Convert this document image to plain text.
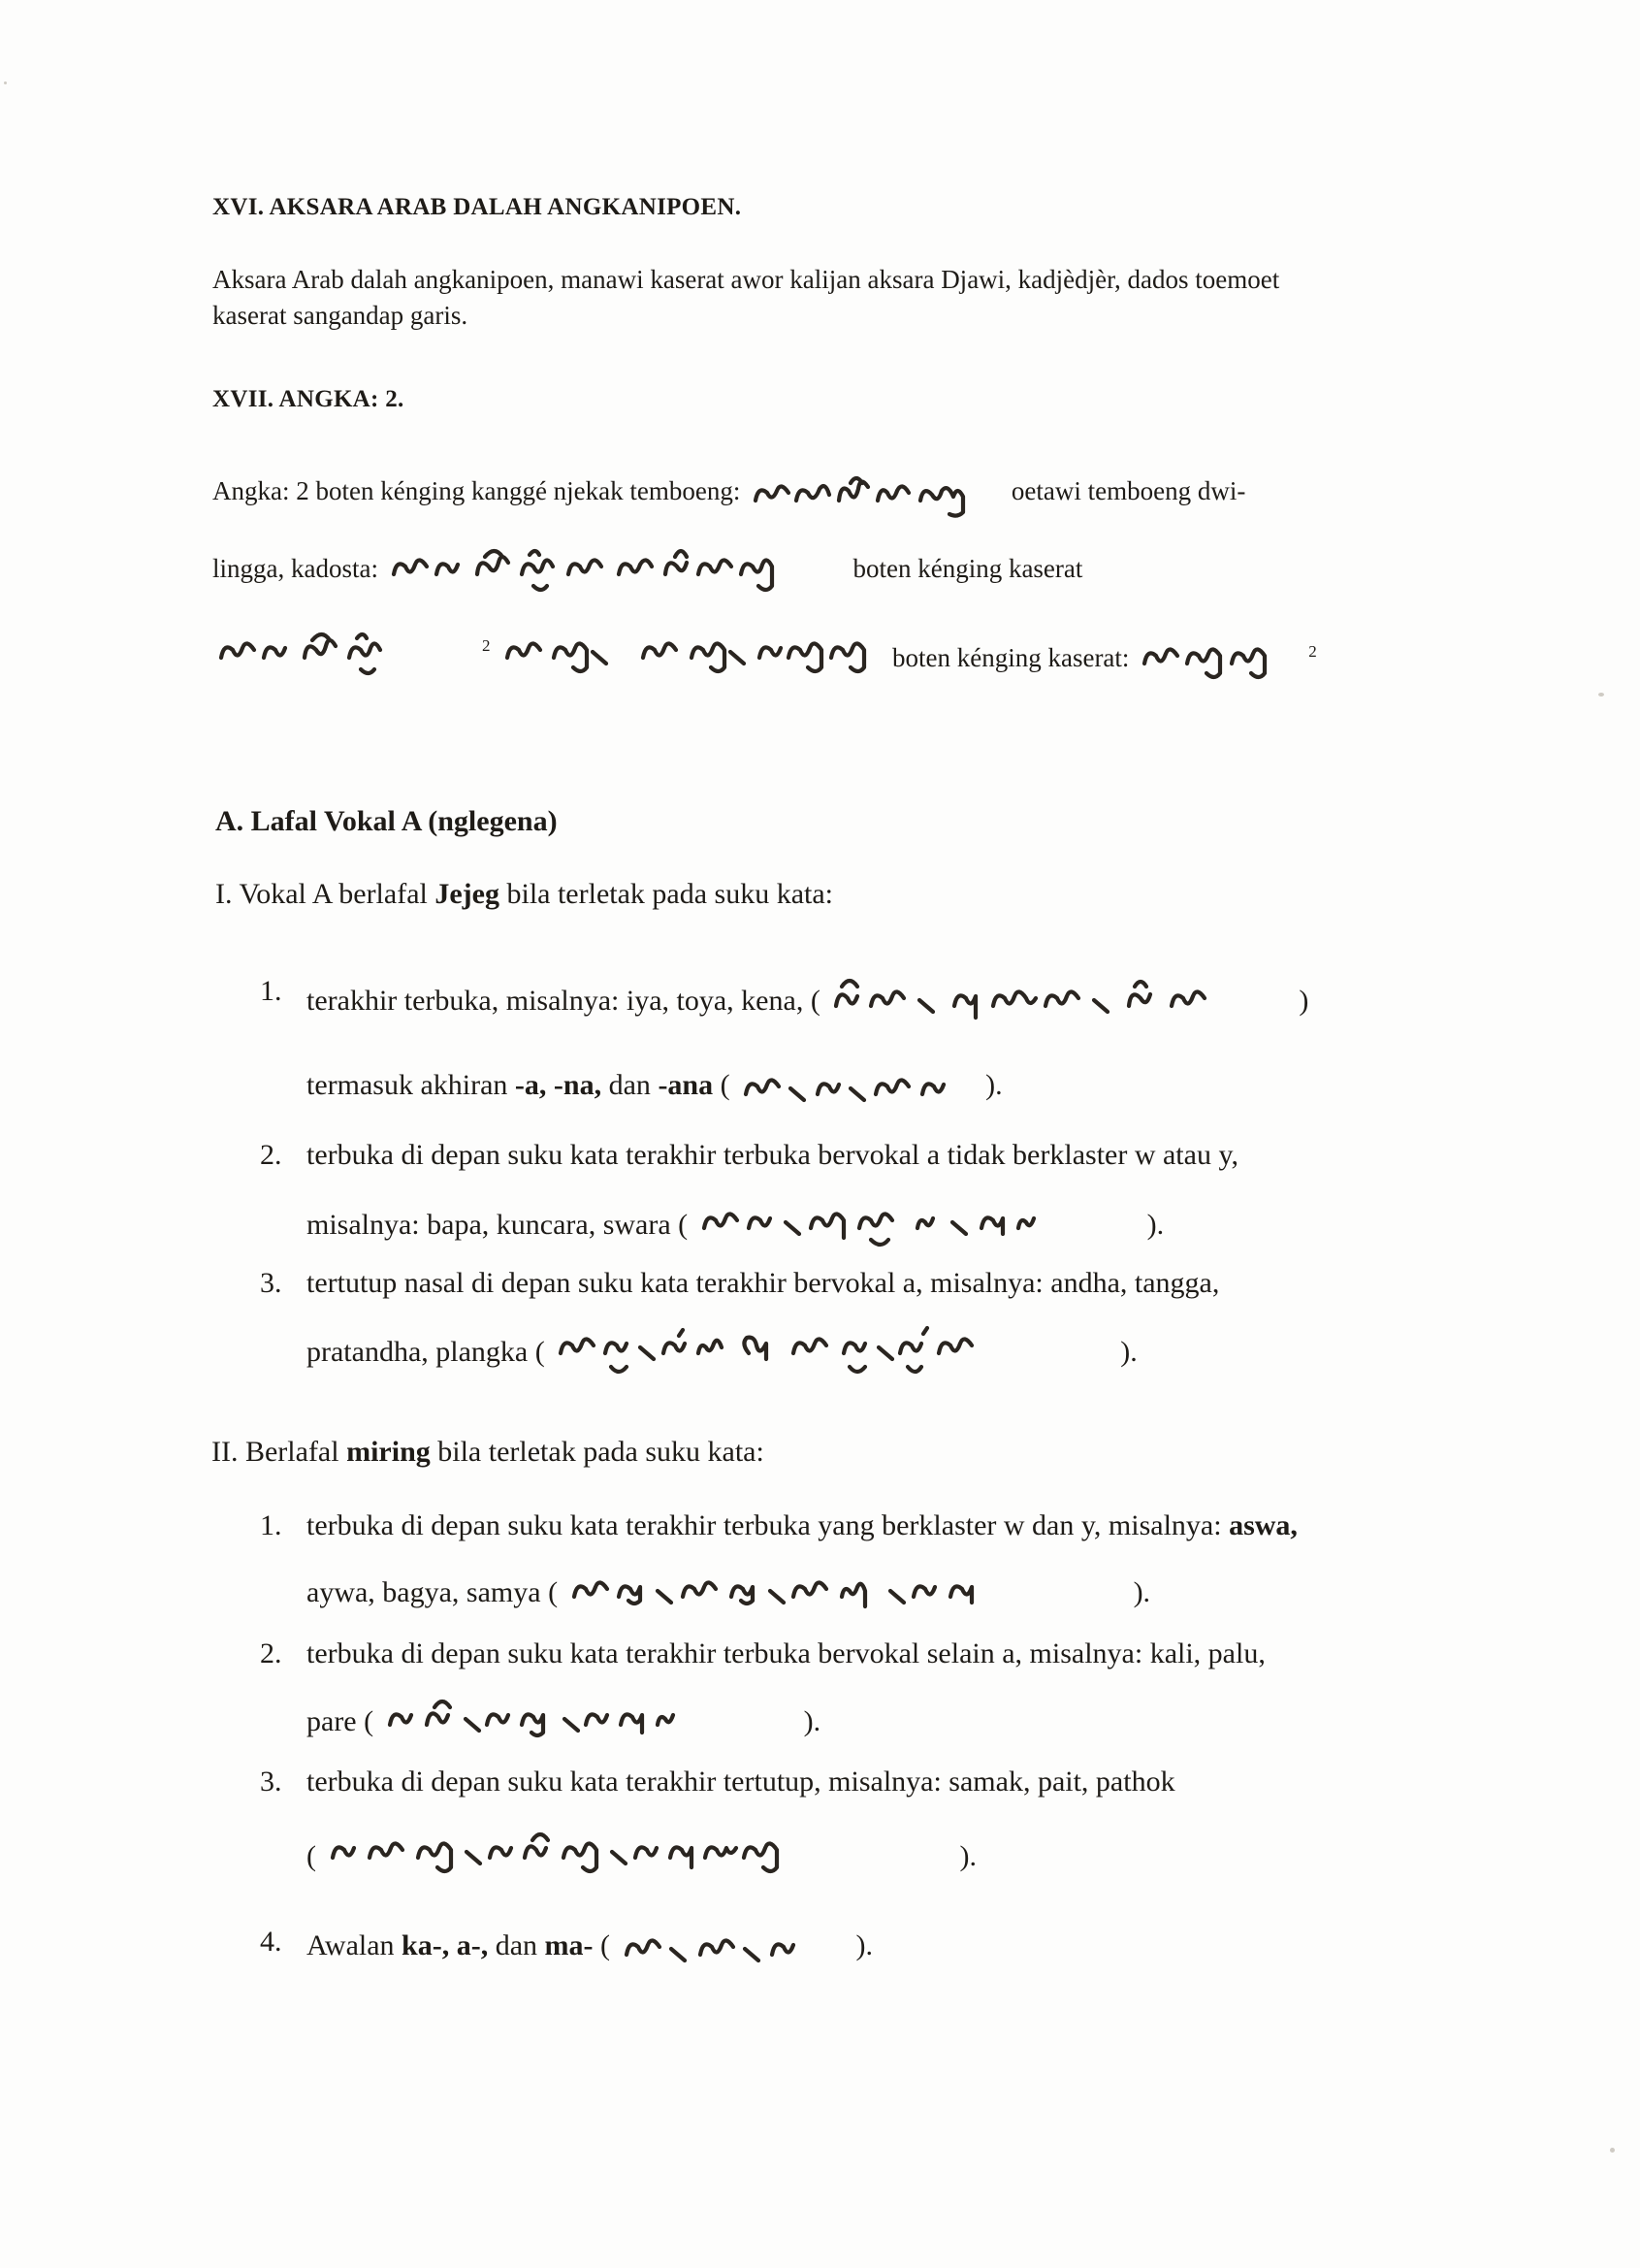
XVI. AKSARA ARAB DALAH ANGKANIPOEN.
Aksara Arab dalah angkanipoen, manawi kaserat awor kalijan aksara Djawi, kadjèdjèr, dados toemoet
kaserat sangandap garis.
XVII. ANGKA: 2.
Angka: 2 boten kénging kanggé njekak temboeng:	oetawi temboeng dwi-
lingga, kadosta:	boten kénging kaserat
$^2$	boten kénging kaserat:	$^2$
A. Lafal Vokal A (nglegena)
I. Vokal A berlafal Jejeg bila terletak pada suku kata:
1. terakhir terbuka, misalnya: iya, toya, kena, (	)
termasuk akhiran -a, -na, dan -ana (	).
2. terbuka di depan suku kata terakhir terbuka bervokal a tidak berklaster w atau y,
misalnya: bapa, kuncara, swara (	).
3. tertutup nasal di depan suku kata terakhir bervokal a, misalnya: andha, tangga,
pratandha, plangka (	).
II. Berlafal miring bila terletak pada suku kata:
1. terbuka di depan suku kata terakhir terbuka yang berklaster w dan y, misalnya: aswa,
aywa, bagya, samya (	).
2. terbuka di depan suku kata terakhir terbuka bervokal selain a, misalnya: kali, palu,
pare (	).
3. terbuka di depan suku kata terakhir tertutup, misalnya: samak, pait, pathok
(	).
4. Awalan ka-, a-, dan ma- (	).
